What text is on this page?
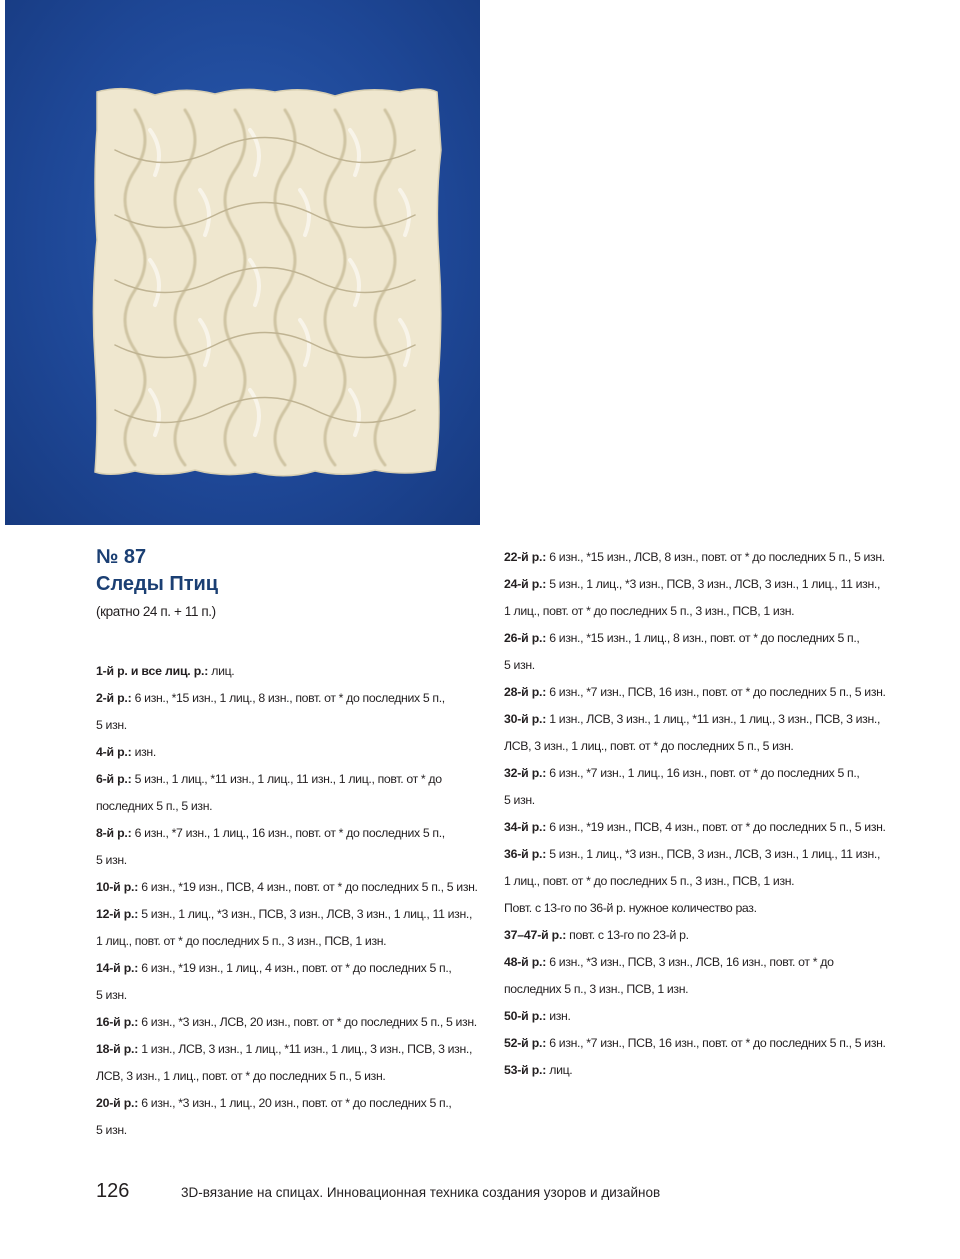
№ 87
Следы Птиц
(кратно 24 п. + 11 п.)

1-й р. и все лиц. р.: лиц.

2-й р.: 6 изн., *15 изн., 1 лиц., 8 изн., повт. от * до последних 5 п.,

5 изн.

4-й р.: изн.

6-й р.: 5 изн., 1 лиц., *11 изн., 1 лиц., 11 изн., 1 лиц., повт. от * до

последних 5 п., 5 изн.

8-й р.: 6 изн., *7 изн., 1 лиц., 16 изн., повт. от * до последних 5 п.,

5 изн.

10-й р.: 6 изн., *19 изн., ПСВ, 4 изн., повт. от * до последних 5 п., 5 изн.

12-й р.: 5 изн., 1 лиц., *3 изн., ПСВ, 3 изн., ЛСВ, 3 изн., 1 лиц., 11 изн.,

1 лиц., повт. от * до последних 5 п., 3 изн., ПСВ, 1 изн.

14-й р.: 6 изн., *19 изн., 1 лиц., 4 изн., повт. от * до последних 5 п.,

5 изн.

16-й р.: 6 изн., *3 изн., ЛСВ, 20 изн., повт. от * до последних 5 п., 5 изн.

18-й р.: 1 изн., ЛСВ, 3 изн., 1 лиц., *11 изн., 1 лиц., 3 изн., ПСВ, 3 изн.,

ЛСВ, 3 изн., 1 лиц., повт. от * до последних 5 п., 5 изн.

20-й р.: 6 изн., *3 изн., 1 лиц., 20 изн., повт. от * до последних 5 п.,

5 изн.

22-й р.: 6 изн., *15 изн., ЛСВ, 8 изн., повт. от * до последних 5 п., 5 изн.

24-й р.: 5 изн., 1 лиц., *3 изн., ПСВ, 3 изн., ЛСВ, 3 изн., 1 лиц., 11 изн.,

1 лиц., повт. от * до последних 5 п., 3 изн., ПСВ, 1 изн.

26-й р.: 6 изн., *15 изн., 1 лиц., 8 изн., повт. от * до последних 5 п.,

5 изн.

28-й р.: 6 изн., *7 изн., ПСВ, 16 изн., повт. от * до последних 5 п., 5 изн.

30-й р.: 1 изн., ЛСВ, 3 изн., 1 лиц., *11 изн., 1 лиц., 3 изн., ПСВ, 3 изн.,

ЛСВ, 3 изн., 1 лиц., повт. от * до последних 5 п., 5 изн.

32-й р.: 6 изн., *7 изн., 1 лиц., 16 изн., повт. от * до последних 5 п.,

5 изн.

34-й р.: 6 изн., *19 изн., ПСВ, 4 изн., повт. от * до последних 5 п., 5 изн.

36-й р.: 5 изн., 1 лиц., *3 изн., ПСВ, 3 изн., ЛСВ, 3 изн., 1 лиц., 11 изн.,

1 лиц., повт. от * до последних 5 п., 3 изн., ПСВ, 1 изн.

Повт. с 13-го по 36-й р. нужное количество раз.

37–47-й р.: повт. с 13-го по 23-й р.

48-й р.: 6 изн., *3 изн., ПСВ, 3 изн., ЛСВ, 16 изн., повт. от * до

последних 5 п., 3 изн., ПСВ, 1 изн.

50-й р.: изн.

52-й р.: 6 изн., *7 изн., ПСВ, 16 изн., повт. от * до последних 5 п., 5 изн.

53-й р.: лиц.

126	3D-вязание на спицах. Инновационная техника создания узоров и дизайнов
